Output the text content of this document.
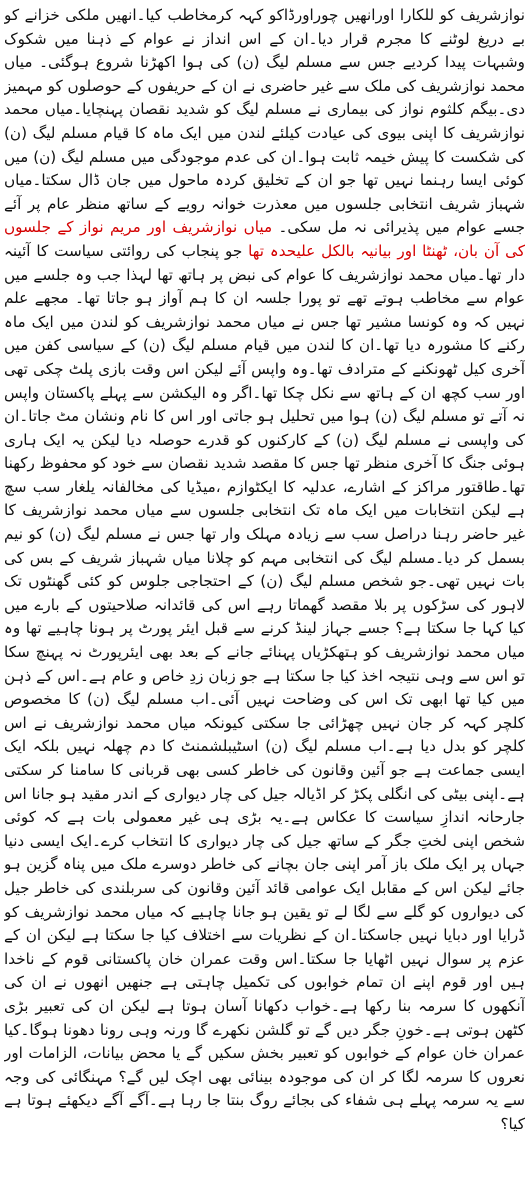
نوازشریف کو للکارا اورانھیں چوراورڈاکو کہہ کرمخاطب کیا۔انھیں ملکی خزانے کو بے دریغ لوٹنے کا مجرم قرار دیا۔ان کے اس انداز نے عوام کے ذہنا میں شکوک وشبہات پیدا کردیے جس سے مسلم لیگ (ن) کی ہوا اکھڑنا شروع ہوگئی۔ میاں محمد نوازشریف کی ملک سے غیر حاضری نے ان کے حریفوں کے حوصلوں کو مہمیز دی۔بیگم کلثوم نواز کی بیماری نے مسلم لیگ کو شدید نقصان پہنچایا۔میاں محمد نوازشریف کا اپنی بیوی کی عیادت کیلئے لندن میں ایک ماہ کا قیام مسلم لیگ (ن) کی شکست کا پیش خیمہ ثابت ہوا۔ان کی عدم موجودگی میں مسلم لیگ (ن) میں کوئی ایسا رہنما نہیں تھا جو ان کے تخلیق کردہ ماحول میں جان ڈال سکتا۔میاں شہباز شریف انتخابی جلسوں میں معذرت خوانہ رویے کے ساتھ منظر عام پر آئے جسے عوام میں پذیرائی نہ مل سکی۔ میاں نوازشریف اور مریم نواز کے جلسوں کی آن بان، ٹھنٹا اور بیانیہ بالکل علیحدہ تھا جو پنجاب کی روائتی سیاست کا آئینہ دار تھا۔میاں محمد نوازشریف کا عوام کی نبض پر ہاتھ تھا لہذا جب وہ جلسے میں عوام سے مخاطب ہوتے تھے تو پورا جلسہ ان کا ہم آواز ہو جاتا تھا۔ مجھے علم نہیں کہ وہ کونسا مشیر تھا جس نے میاں محمد نوازشریف کو لندن میں ایک ماہ رکنے کا مشورہ دیا تھا۔ان کا لندن میں قیام مسلم لیگ (ن) کے سیاسی کفن میں آخری کیل ٹھونکنے کے مترادف تھا۔وہ واپس آئے لیکن اس وقت بازی پلٹ چکی تھی اور سب کچھ ان کے ہاتھ سے نکل چکا تھا۔اگر وہ الیکشن سے پہلے پاکستان واپس نہ آتے تو مسلم لیگ (ن) ہوا میں تحلیل ہو جاتی اور اس کا نام ونشان مٹ جاتا۔ان کی واپسی نے مسلم لیگ (ن) کے کارکنوں کو قدرے حوصلہ دیا لیکن یہ ایک ہاری ہوئی جنگ کا آخری منظر تھا جس کا مقصد شدید نقصان سے خود کو محفوظ رکھنا تھا۔طاقتور مراکز کے اشارے، عدلیہ کا ایکٹوازم ،میڈیا کی مخالفانہ یلغار سب سچ ہے لیکن انتخابات میں ایک ماہ تک انتخابی جلسوں سے میاں محمد نوازشریف کا غیر حاضر رہنا دراصل سب سے زیادہ مہلک وار تھا جس نے مسلم لیگ (ن) کو نیم بسمل کر دیا۔مسلم لیگ کی انتخابی مہم کو چلانا میاں شہباز شریف کے بس کی بات نہیں تھی۔جو شخص مسلم لیگ (ن) کے احتجاجی جلوس کو کئی گھنٹوں تک لاہور کی سڑکوں پر بلا مقصد گھماتا رہے اس کی قائدانہ صلاحیتوں کے بارے میں کیا کہا جا سکتا ہے؟ جسے جہاز لینڈ کرنے سے قبل ایئر پورٹ پر ہونا چاہیے تھا وہ میاں محمد نوازشریف کو ہتھکڑیاں پہنائے جانے کے بعد بھی ایئرپورٹ نہ پہنچ سکا تو اس سے وہی نتیجہ اخذ کیا جا سکتا ہے جو زبان زدِ خاص و عام ہے۔اس کے ذہن میں کیا تھا ابھی تک اس کی وضاحت نہیں آئی۔اب مسلم لیگ (ن) کا مخصوص کلچر کہہ کر جان نہیں چھڑائی جا سکتی کیونکہ میاں محمد نوازشریف نے اس کلچر کو بدل دیا ہے۔اب مسلم لیگ (ن) اسٹیبلشمنٹ کا دم چھلہ نہیں بلکہ ایک ایسی جماعت ہے جو آئین وقانون کی خاطر کسی بھی قربانی کا سامنا کر سکتی ہے۔اپنی بیٹی کی انگلی پکڑ کر اڈیالہ جیل کی چار دیواری کے اندر مقید ہو جانا اس جارحانہ اندازِ سیاست کا عکاس ہے۔یہ بڑی ہی غیر معمولی بات ہے کہ کوئی شخص اپنی لختِ جگر کے ساتھ جیل کی چار دیواری کا انتخاب کرے۔ایک ایسی دنیا جہاں پر ایک ملک باز آمر اپنی جان بچانے کی خاطر دوسرے ملک میں پناہ گزین ہو جائے لیکن اس کے مقابل ایک عوامی قائد آئین وقانون کی سربلندی کی خاطر جیل کی دیواروں کو گلے سے لگا لے تو یقین ہو جانا چاہیے کہ میاں محمد نوازشریف کو ڈرایا اور دبایا نہیں جاسکتا۔ان کے نظریات سے اختلاف کیا جا سکتا ہے لیکن ان کے عزم پر سوال نہیں اٹھایا جا سکتا۔اس وقت عمران خان پاکستانی قوم کے ناخدا ہیں اور قوم اپنے ان تمام خوابوں کی تکمیل چاہتی ہے جنھیں انھوں نے ان کی آنکھوں کا سرمہ بنا رکھا ہے۔خواب دکھانا آسان ہوتا ہے لیکن ان کی تعبیر بڑی کٹھن ہوتی ہے۔خونِ جگر دیں گے تو گلشن نکھرے گا ورنہ وہی رونا دھونا ہوگا۔کیا عمران خان عوام کے خوابوں کو تعبیر بخش سکیں گے یا محض بیانات، الزامات اور نعروں کا سرمہ لگا کر ان کی موجودہ بینائی بھی اچک لیں گے؟ مہنگائی کی وجہ سے یہ سرمہ پہلے ہی شفاء کی بجائے روگ بنتا جا رہا ہے۔آگے آگے دیکھئے ہوتا ہے کیا؟
